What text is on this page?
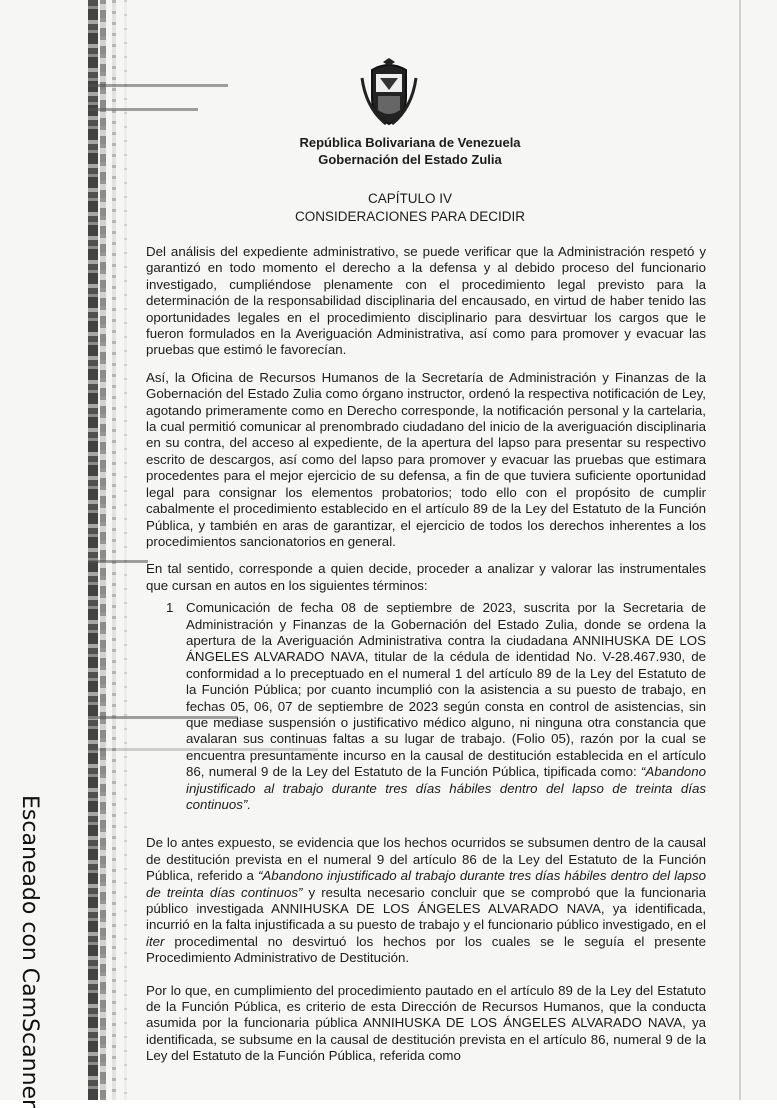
República Bolivariana de Venezuela
Gobernación del Estado Zulia
CAPÍTULO IV
CONSIDERACIONES PARA DECIDIR

Del análisis del expediente administrativo, se puede verificar que la Administración respetó y garantizó en todo momento el derecho a la defensa y al debido proceso del funcionario investigado, cumpliéndose plenamente con el procedimiento legal previsto para la determinación de la responsabilidad disciplinaria del encausado, en virtud de haber tenido las oportunidades legales en el procedimiento disciplinario para desvirtuar los cargos que le fueron formulados en la Averiguación Administrativa, así como para promover y evacuar las pruebas que estimó le favorecían.

Así, la Oficina de Recursos Humanos de la Secretaría de Administración y Finanzas de la Gobernación del Estado Zulia como órgano instructor, ordenó la respectiva notificación de Ley, agotando primeramente como en Derecho corresponde, la notificación personal y la cartelaria, la cual permitió comunicar al prenombrado ciudadano del inicio de la averiguación disciplinaria en su contra, del acceso al expediente, de la apertura del lapso para presentar su respectivo escrito de descargos, así como del lapso para promover y evacuar las pruebas que estimara procedentes para el mejor ejercicio de su defensa, a fin de que tuviera suficiente oportunidad legal para consignar los elementos probatorios; todo ello con el propósito de cumplir cabalmente el procedimiento establecido en el artículo 89 de la Ley del Estatuto de la Función Pública, y también en aras de garantizar, el ejercicio de todos los derechos inherentes a los procedimientos sancionatorios en general.

En tal sentido, corresponde a quien decide, proceder a analizar y valorar las instrumentales que cursan en autos en los siguientes términos:

1 Comunicación de fecha 08 de septiembre de 2023, suscrita por la Secretaria de Administración y Finanzas de la Gobernación del Estado Zulia, donde se ordena la apertura de la Averiguación Administrativa contra la ciudadana ANNIHUSKA DE LOS ÁNGELES ALVARADO NAVA, titular de la cédula de identidad No. V-28.467.930, de conformidad a lo preceptuado en el numeral 1 del artículo 89 de la Ley del Estatuto de la Función Pública; por cuanto incumplió con la asistencia a su puesto de trabajo, en fechas 05, 06, 07 de septiembre de 2023 según consta en control de asistencias, sin que mediase suspensión o justificativo médico alguno, ni ninguna otra constancia que avalaran sus continuas faltas a su lugar de trabajo. (Folio 05), razón por la cual se encuentra presuntamente incurso en la causal de destitución establecida en el artículo 86, numeral 9 de la Ley del Estatuto de la Función Pública, tipificada como: “Abandono injustificado al trabajo durante tres días hábiles dentro del lapso de treinta días continuos”.

De lo antes expuesto, se evidencia que los hechos ocurridos se subsumen dentro de la causal de destitución prevista en el numeral 9 del artículo 86 de la Ley del Estatuto de la Función Pública, referido a “Abandono injustificado al trabajo durante tres días hábiles dentro del lapso de treinta días continuos” y resulta necesario concluir que se comprobó que la funcionaria público investigada ANNIHUSKA DE LOS ÁNGELES ALVARADO NAVA, ya identificada, incurrió en la falta injustificada a su puesto de trabajo y el funcionario público investigado, en el iter procedimental no desvirtuó los hechos por los cuales se le seguía el presente Procedimiento Administrativo de Destitución.

Por lo que, en cumplimiento del procedimiento pautado en el artículo 89 de la Ley del Estatuto de la Función Pública, es criterio de esta Dirección de Recursos Humanos, que la conducta asumida por la funcionaria pública ANNIHUSKA DE LOS ÁNGELES ALVARADO NAVA, ya identificada, se subsume en la causal de destitución prevista en el artículo 86, numeral 9 de la Ley del Estatuto de la Función Pública, referida como

Escaneado con CamScanner
